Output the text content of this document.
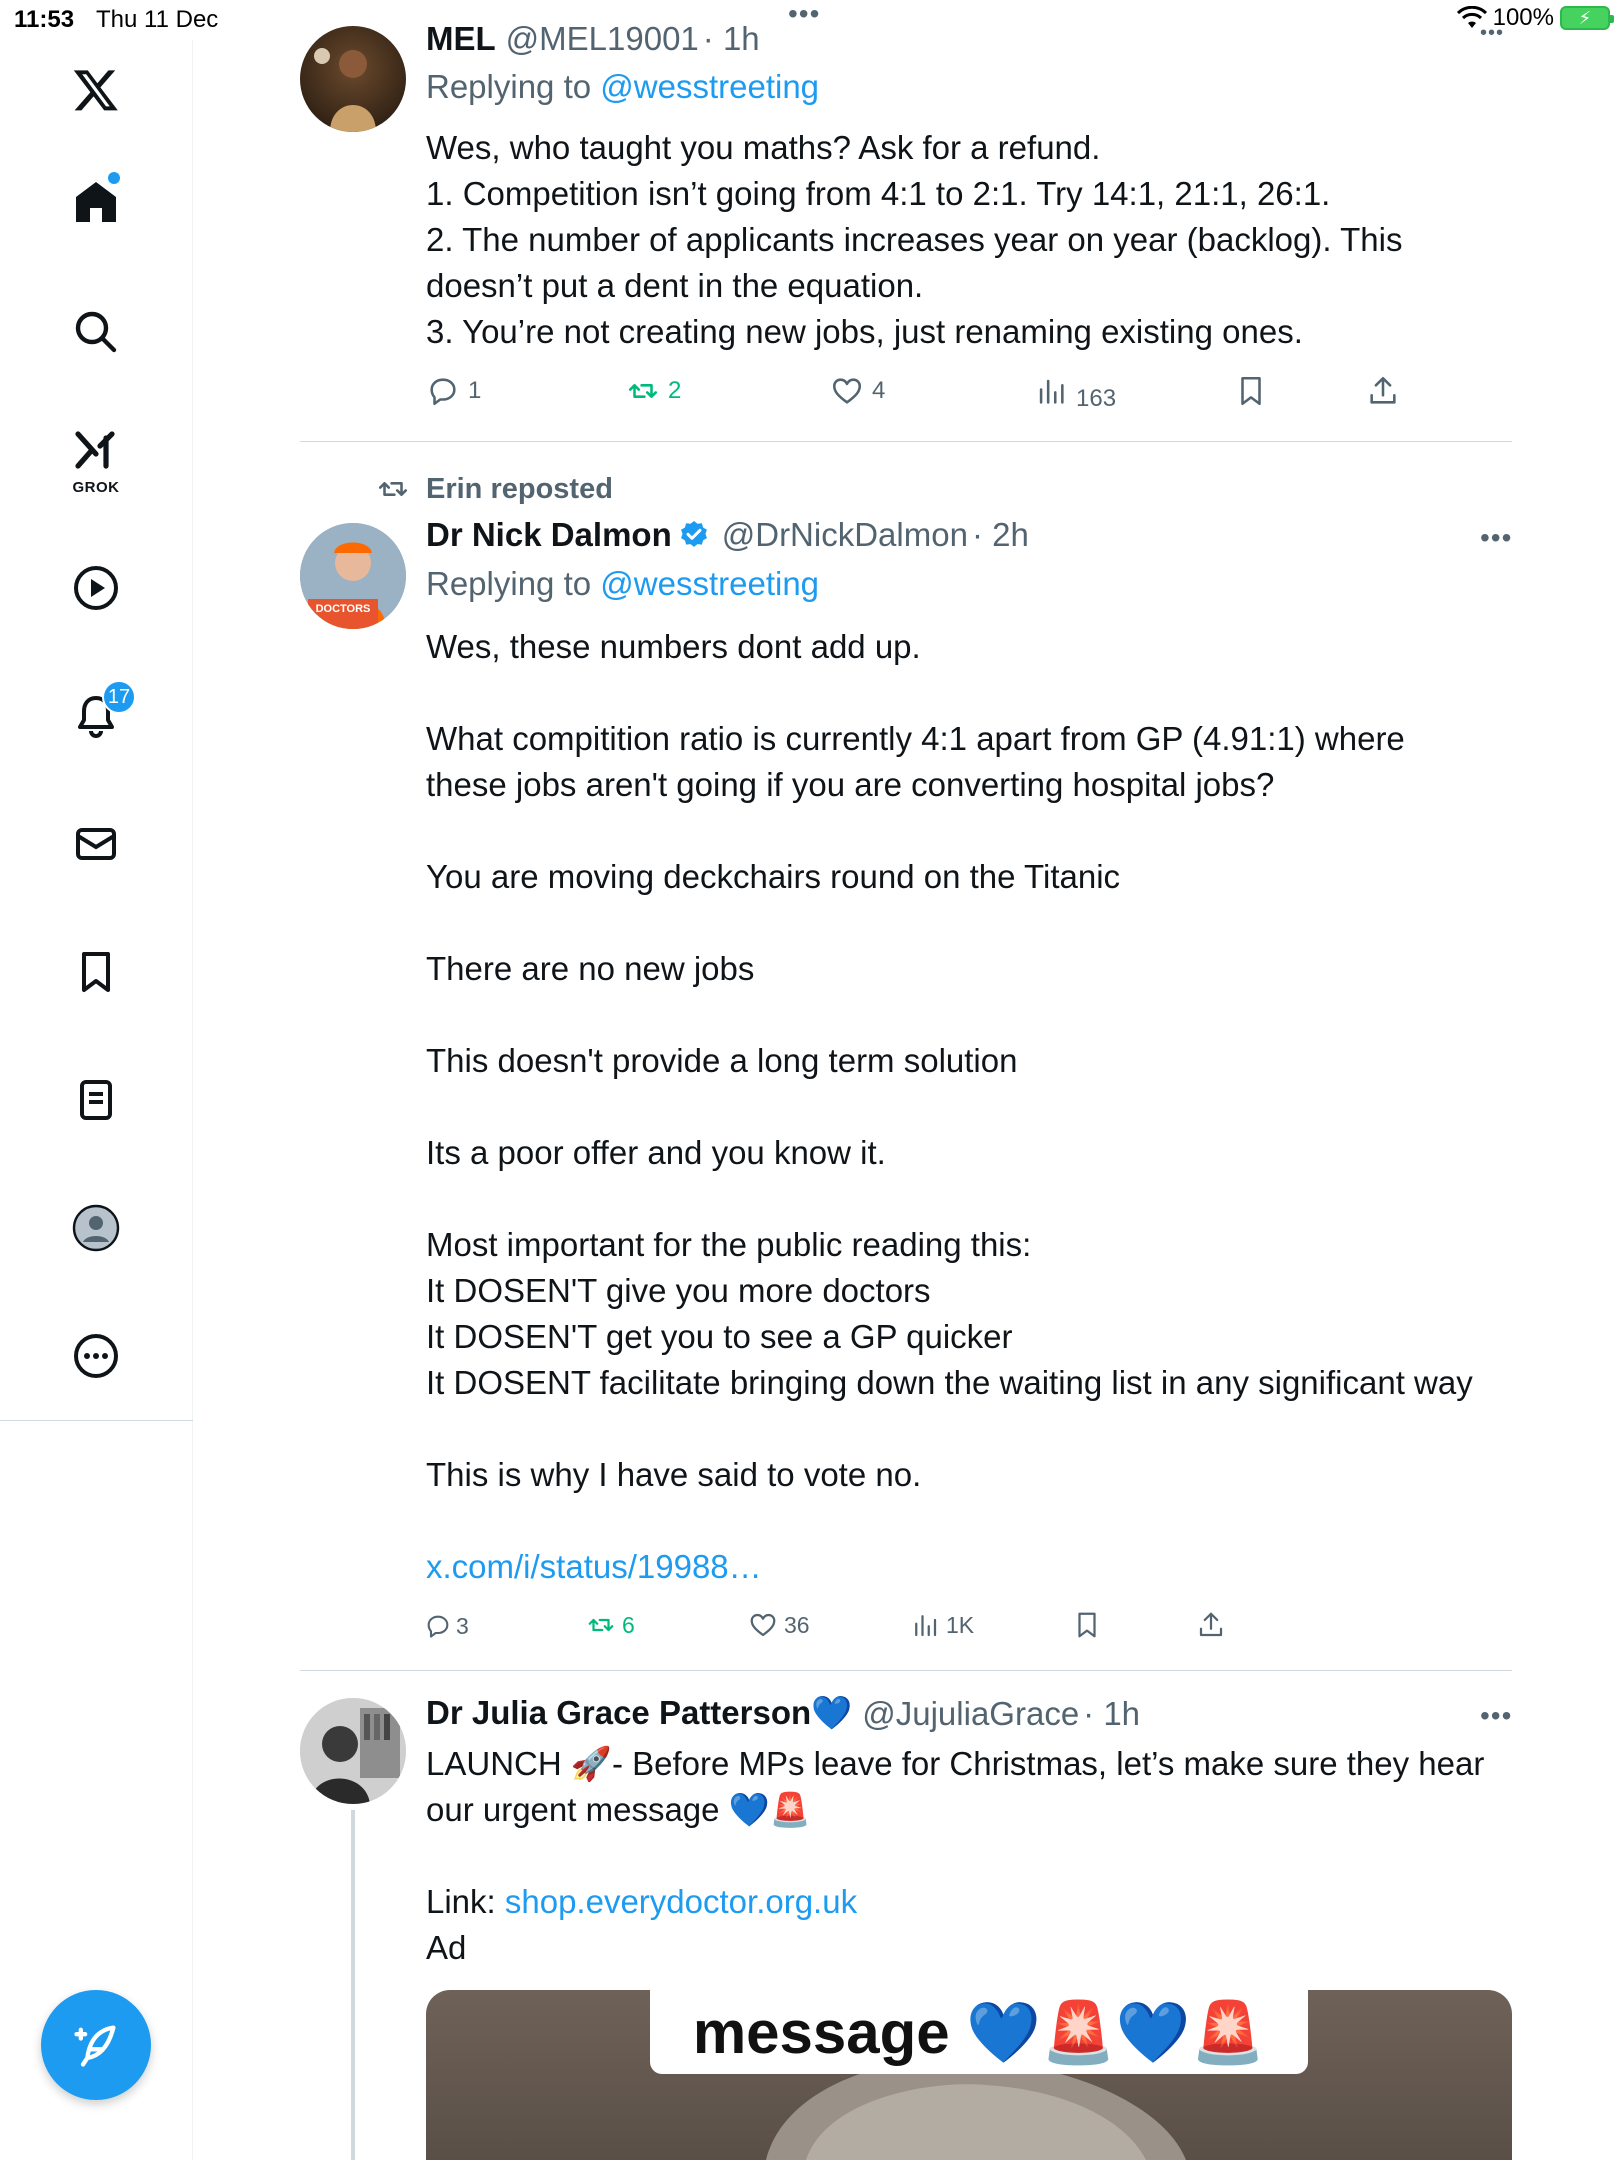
11:53 Thu 11 Dec	100% ⚡
GROK
17
•••
•••
MEL @MEL19001 · 1h
Replying to @wesstreeting
Wes, who taught you maths? Ask for a refund.
1. Competition isn’t going from 4:1 to 2:1. Try 14:1, 21:1, 26:1.
2. The number of applicants increases year on year (backlog). This
doesn’t put a dent in the equation.
3. You’re not creating new jobs, just renaming existing ones.
1	2	4	163
Erin reposted
DOCTORS
Dr Nick Dalmon @DrNickDalmon · 2h	•••
Replying to @wesstreeting
Wes, these numbers dont add up.
What compitition ratio is currently 4:1 apart from GP (4.91:1) where these jobs aren't going if you are converting hospital jobs?
You are moving deckchairs round on the Titanic
There are no new jobs
This doesn't provide a long term solution
Its a poor offer and you know it.
Most important for the public reading this:
It DOSEN'T give you more doctors
It DOSEN'T get you to see a GP quicker
It DOSENT facilitate bringing down the waiting list in any significant way
This is why I have said to vote no.
x.com/i/status/19988…
3	6	36	1K
Dr Julia Grace Patterson💙 @JujuliaGrace · 1h	•••
LAUNCH 🚀- Before MPs leave for Christmas, let’s make sure they hear
our urgent message 💙🚨
Link: shop.everydoctor.org.uk
Ad
message 💙🚨💙🚨
